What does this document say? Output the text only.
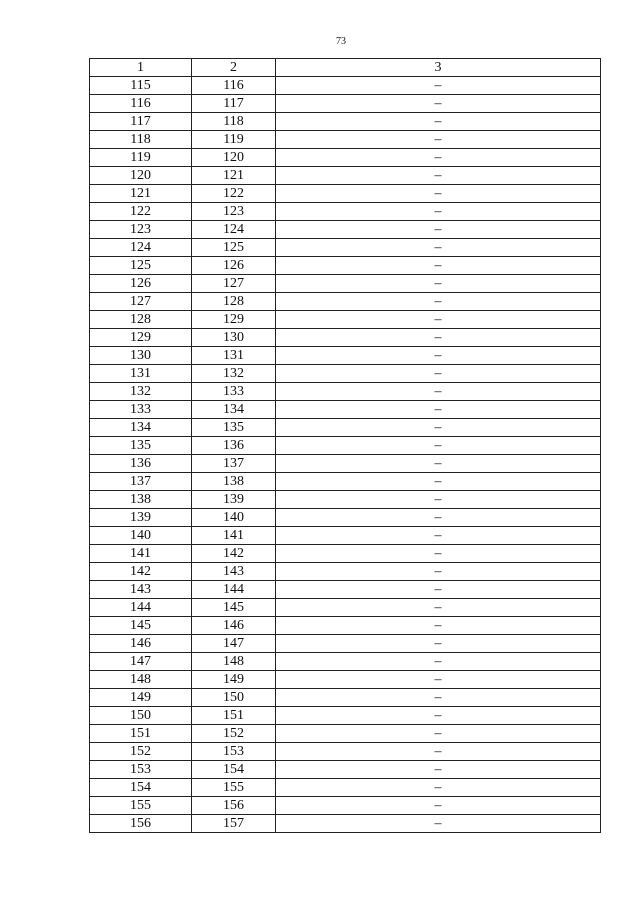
73
1	2	3
115	116	–
116	117	–
117	118	–
118	119	–
119	120	–
120	121	–
121	122	–
122	123	–
123	124	–
124	125	–
125	126	–
126	127	–
127	128	–
128	129	–
129	130	–
130	131	–
131	132	–
132	133	–
133	134	–
134	135	–
135	136	–
136	137	–
137	138	–
138	139	–
139	140	–
140	141	–
141	142	–
142	143	–
143	144	–
144	145	–
145	146	–
146	147	–
147	148	–
148	149	–
149	150	–
150	151	–
151	152	–
152	153	–
153	154	–
154	155	–
155	156	–
156	157	–
